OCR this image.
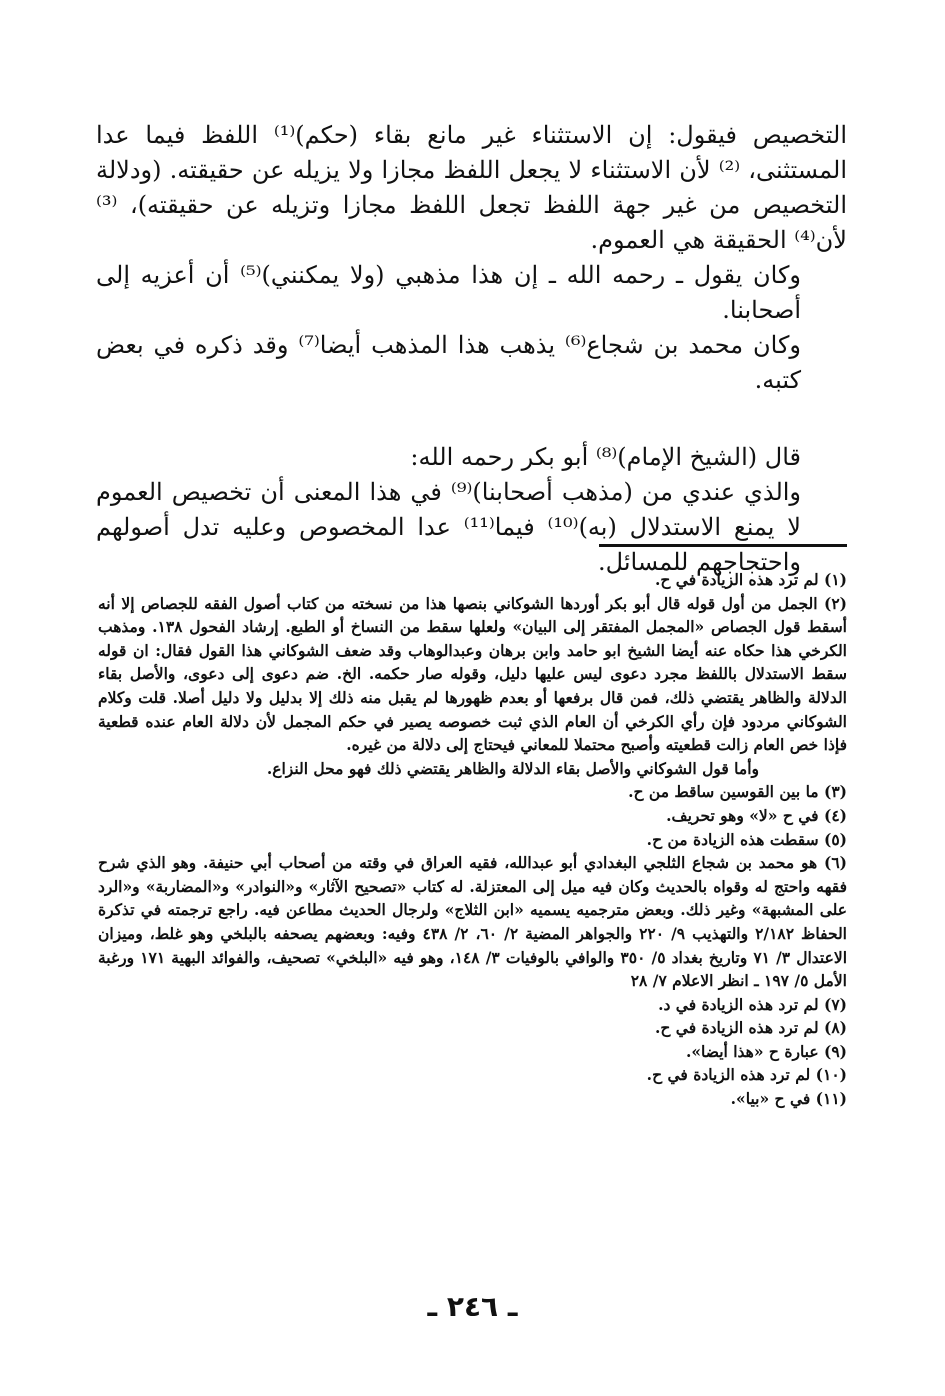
التخصيص فيقول: إن الاستثناء غير مانع بقاء (حكم)⁽¹⁾ اللفظ فيما عدا المستثنى، ⁽²⁾ لأن الاستثناء لا يجعل اللفظ مجازا ولا يزيله عن حقيقته. (ودلالة التخصيص من غير جهة اللفظ تجعل اللفظ مجازا وتزيله عن حقيقته)، ⁽³⁾ لأن⁽⁴⁾ الحقيقة هي العموم.

وكان يقول ـ رحمه الله ـ إن هذا مذهبي (ولا يمكنني)⁽⁵⁾ أن أعزيه إلى أصحابنا.

وكان محمد بن شجاع⁽⁶⁾ يذهب هذا المذهب أيضا⁽⁷⁾ وقد ذكره في بعض كتبه.

قال (الشيخ الإمام)⁽⁸⁾ أبو بكر رحمه الله:

والذي عندي من (مذهب أصحابنا)⁽⁹⁾ في هذا المعنى أن تخصيص العموم لا يمنع الاستدلال (به)⁽¹⁰⁾ فيما⁽¹¹⁾ عدا المخصوص وعليه تدل أصولهم واحتجاجهم للمسائل.

(١) لم ترد هذه الزيادة في ح.

(٢) الجمل من أول قوله قال أبو بكر أوردها الشوكاني بنصها هذا من نسخته من كتاب أصول الفقه للجصاص إلا أنه أسقط قول الجصاص «المجمل المفتقر إلى البيان» ولعلها سقط من النساخ أو الطبع. إرشاد الفحول ١٣٨. ومذهب الكرخي هذا حكاه عنه أيضا الشيخ ابو حامد وابن برهان وعبدالوهاب وقد ضعف الشوكاني هذا القول فقال: ان قوله سقط الاستدلال باللفظ مجرد دعوى ليس عليها دليل، وقوله صار حكمه. الخ. ضم دعوى إلى دعوى، والأصل بقاء الدلالة والظاهر يقتضي ذلك، فمن قال برفعها أو بعدم ظهورها لم يقبل منه ذلك إلا بدليل ولا دليل أصلا. قلت وكلام الشوكاني مردود فإن رأي الكرخي أن العام الذي ثبت خصوصه يصير في حكم المجمل لأن دلالة العام عنده قطعية فإذا خص العام زالت قطعيته وأصبح محتملا للمعاني فيحتاج إلى دلالة من غيره.

وأما قول الشوكاني والأصل بقاء الدلالة والظاهر يقتضي ذلك فهو محل النزاع.

(٣) ما بين القوسين ساقط من ح.

(٤) في ح «لا» وهو تحريف.

(٥) سقطت هذه الزيادة من ح.

(٦) هو محمد بن شجاع الثلجي البغدادي أبو عبدالله، فقيه العراق في وقته من أصحاب أبي حنيفة. وهو الذي شرح فقهه واحتج له وقواه بالحديث وكان فيه ميل إلى المعتزلة. له كتاب «تصحيح الآثار» و«النوادر» و«المضاربة» و«الرد على المشبهة» وغير ذلك. وبعض مترجميه يسميه «ابن الثلاج» ولرجال الحديث مطاعن فيه. راجع ترجمته في تذكرة الحفاظ ٢/١٨٢ والتهذيب ٩/ ٢٢٠ والجواهر المضية ٢/ ٦٠، ٢/ ٤٣٨ وفيه: وبعضهم يصحفه بالبلخي وهو غلط، وميزان الاعتدال ٣/ ٧١ وتاريخ بغداد ٥/ ٣٥٠ والوافي بالوفيات ٣/ ١٤٨، وهو فيه «البلخي» تصحيف، والفوائد البهية ١٧١ ورغبة الأمل ٥/ ١٩٧ ـ انظر الاعلام ٧/ ٢٨

(٧) لم ترد هذه الزيادة في د.

(٨) لم ترد هذه الزيادة في ح.

(٩) عبارة ح «هذا أيضا».

(١٠) لم ترد هذه الزيادة في ح.

(١١) في ح «بيا».

ـ ٢٤٦ ـ
